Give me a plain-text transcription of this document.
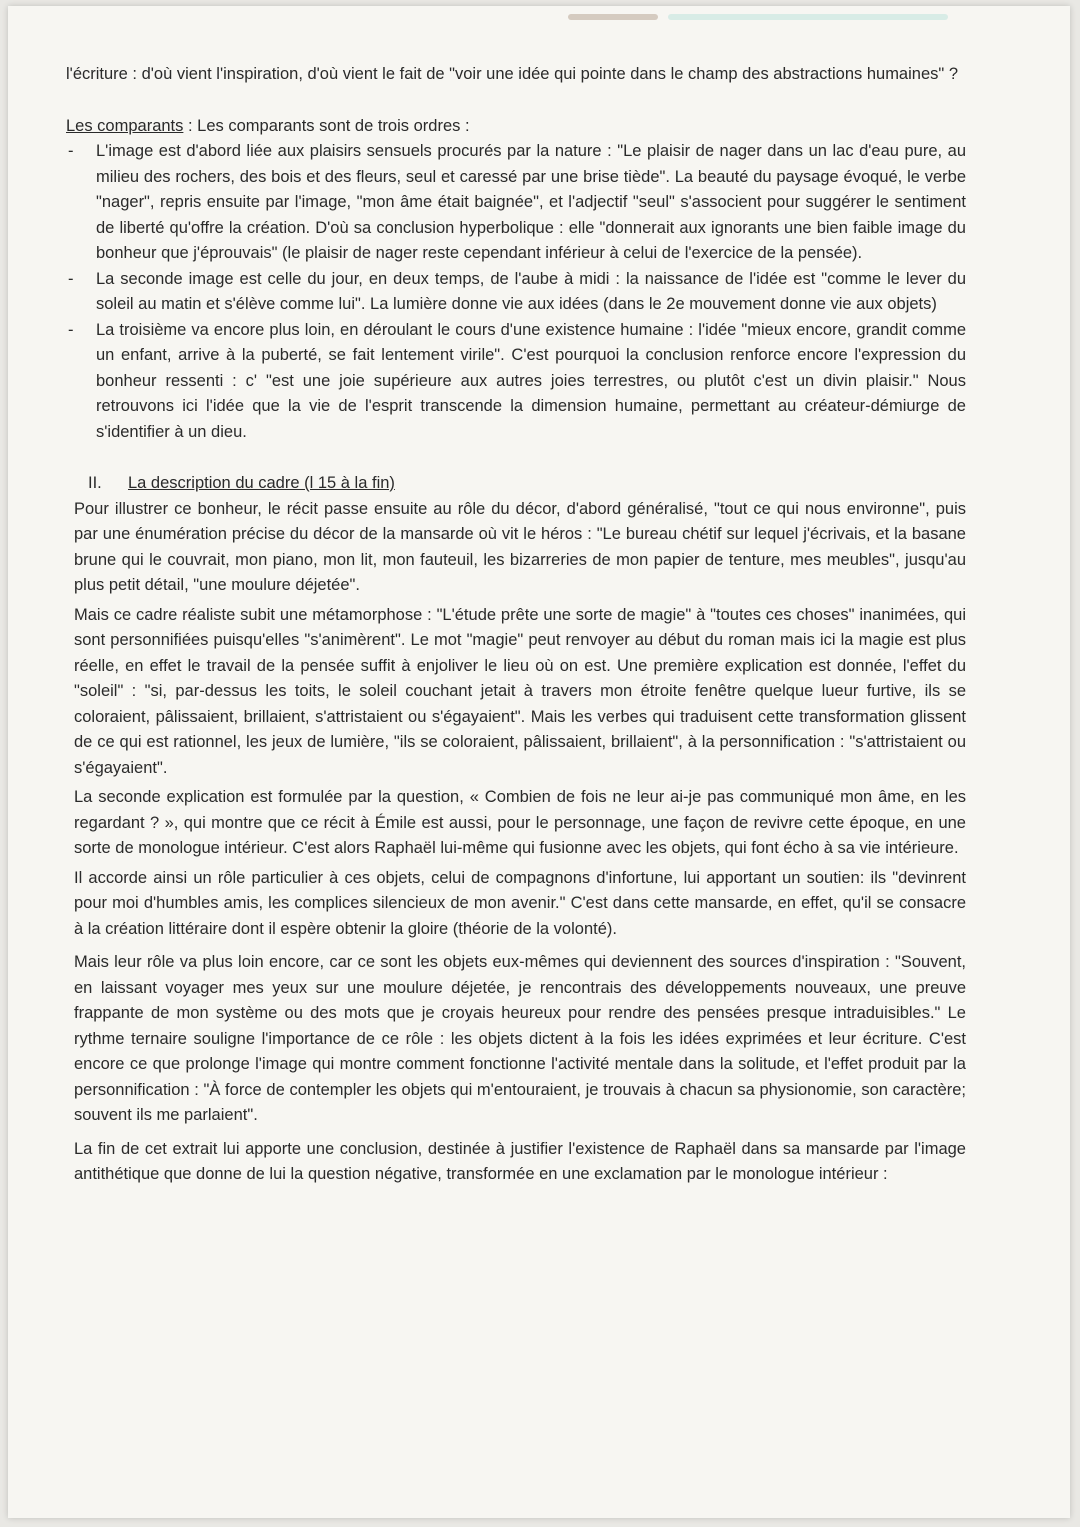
l'écriture : d'où vient l'inspiration, d'où vient le fait de "voir une idée qui pointe dans le champ des abstractions humaines" ?

Les comparants : Les comparants sont de trois ordres :

- L'image est d'abord liée aux plaisirs sensuels procurés par la nature : "Le plaisir de nager dans un lac d'eau pure, au milieu des rochers, des bois et des fleurs, seul et caressé par une brise tiède". La beauté du paysage évoqué, le verbe "nager", repris ensuite par l'image, "mon âme était baignée", et l'adjectif "seul" s'associent pour suggérer le sentiment de liberté qu'offre la création. D'où sa conclusion hyperbolique : elle "donnerait aux ignorants une bien faible image du bonheur que j'éprouvais" (le plaisir de nager reste cependant inférieur à celui de l'exercice de la pensée).
- La seconde image est celle du jour, en deux temps, de l'aube à midi : la naissance de l'idée est "comme le lever du soleil au matin et s'élève comme lui". La lumière donne vie aux idées (dans le 2e mouvement donne vie aux objets)
- La troisième va encore plus loin, en déroulant le cours d'une existence humaine : l'idée "mieux encore, grandit comme un enfant, arrive à la puberté, se fait lentement virile". C'est pourquoi la conclusion renforce encore l'expression du bonheur ressenti : c' "est une joie supérieure aux autres joies terrestres, ou plutôt c'est un divin plaisir." Nous retrouvons ici l'idée que la vie de l'esprit transcende la dimension humaine, permettant au créateur-démiurge de s'identifier à un dieu.

II. La description du cadre (l 15 à la fin)

Pour illustrer ce bonheur, le récit passe ensuite au rôle du décor, d'abord généralisé, "tout ce qui nous environne", puis par une énumération précise du décor de la mansarde où vit le héros : "Le bureau chétif sur lequel j'écrivais, et la basane brune qui le couvrait, mon piano, mon lit, mon fauteuil, les bizarreries de mon papier de tenture, mes meubles", jusqu'au plus petit détail, "une moulure déjetée".

Mais ce cadre réaliste subit une métamorphose : "L'étude prête une sorte de magie" à "toutes ces choses" inanimées, qui sont personnifiées puisqu'elles "s'animèrent". Le mot "magie" peut renvoyer au début du roman mais ici la magie est plus réelle, en effet le travail de la pensée suffit à enjoliver le lieu où on est. Une première explication est donnée, l'effet du "soleil" : "si, par-dessus les toits, le soleil couchant jetait à travers mon étroite fenêtre quelque lueur furtive, ils se coloraient, pâlissaient, brillaient, s'attristaient ou s'égayaient". Mais les verbes qui traduisent cette transformation glissent de ce qui est rationnel, les jeux de lumière, "ils se coloraient, pâlissaient, brillaient", à la personnification : "s'attristaient ou s'égayaient".

La seconde explication est formulée par la question, « Combien de fois ne leur ai-je pas communiqué mon âme, en les regardant ? », qui montre que ce récit à Émile est aussi, pour le personnage, une façon de revivre cette époque, en une sorte de monologue intérieur. C'est alors Raphaël lui-même qui fusionne avec les objets, qui font écho à sa vie intérieure.

Il accorde ainsi un rôle particulier à ces objets, celui de compagnons d'infortune, lui apportant un soutien: ils "devinrent pour moi d'humbles amis, les complices silencieux de mon avenir." C'est dans cette mansarde, en effet, qu'il se consacre à la création littéraire dont il espère obtenir la gloire (théorie de la volonté).

Mais leur rôle va plus loin encore, car ce sont les objets eux-mêmes qui deviennent des sources d'inspiration : "Souvent, en laissant voyager mes yeux sur une moulure déjetée, je rencontrais des développements nouveaux, une preuve frappante de mon système ou des mots que je croyais heureux pour rendre des pensées presque intraduisibles." Le rythme ternaire souligne l'importance de ce rôle : les objets dictent à la fois les idées exprimées et leur écriture. C'est encore ce que prolonge l'image qui montre comment fonctionne l'activité mentale dans la solitude, et l'effet produit par la personnification : "À force de contempler les objets qui m'entouraient, je trouvais à chacun sa physionomie, son caractère; souvent ils me parlaient".

La fin de cet extrait lui apporte une conclusion, destinée à justifier l'existence de Raphaël dans sa mansarde par l'image antithétique que donne de lui la question négative, transformée en une exclamation par le monologue intérieur :
